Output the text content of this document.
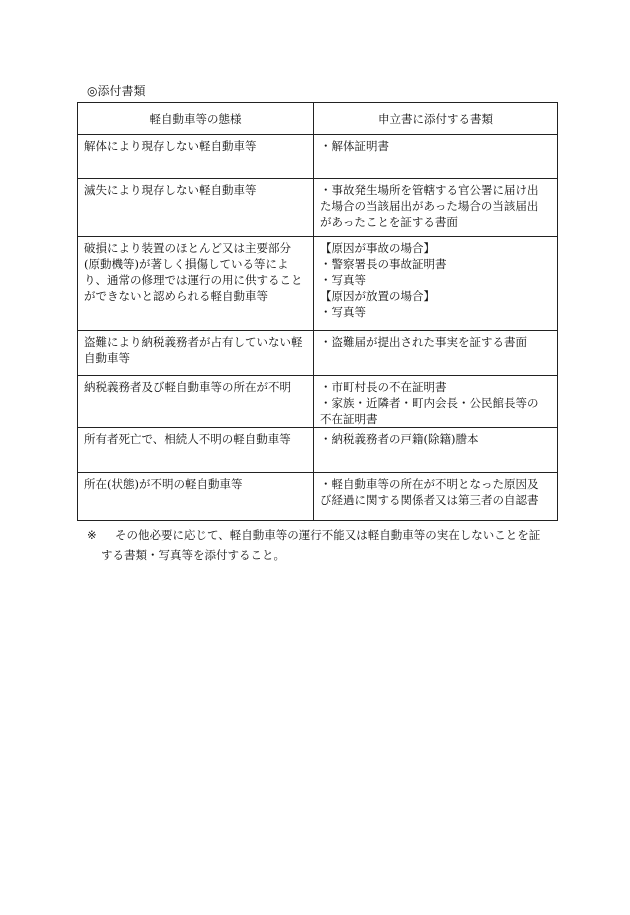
◎添付書類
軽自動車等の態様	申立書に添付する書類

解体により現存しない軽自動車等	・解体証明書

滅失により現存しない軽自動車等	・事故発生場所を管轄する官公署に届け出
た場合の当該届出があった場合の当該届出
があったことを証する書面

破損により装置のほとんど又は主要部分
(原動機等)が著しく損傷している等によ
り、通常の修理では運行の用に供すること
ができないと認められる軽自動車等	【原因が事故の場合】
・警察署長の事故証明書
・写真等
【原因が放置の場合】
・写真等

盗難により納税義務者が占有していない軽
自動車等	・盗難届が提出された事実を証する書面

納税義務者及び軽自動車等の所在が不明	・市町村長の不在証明書
・家族・近隣者・町内会長・公民館長等の
不在証明書

所有者死亡で、相続人不明の軽自動車等	・納税義務者の戸籍(除籍)謄本

所在(状態)が不明の軽自動車等	・軽自動車等の所在が不明となった原因及
び経過に関する関係者又は第三者の自認書
※	その他必要に応じて、軽自動車等の運行不能又は軽自動車等の実在しないことを証
する書類・写真等を添付すること。
